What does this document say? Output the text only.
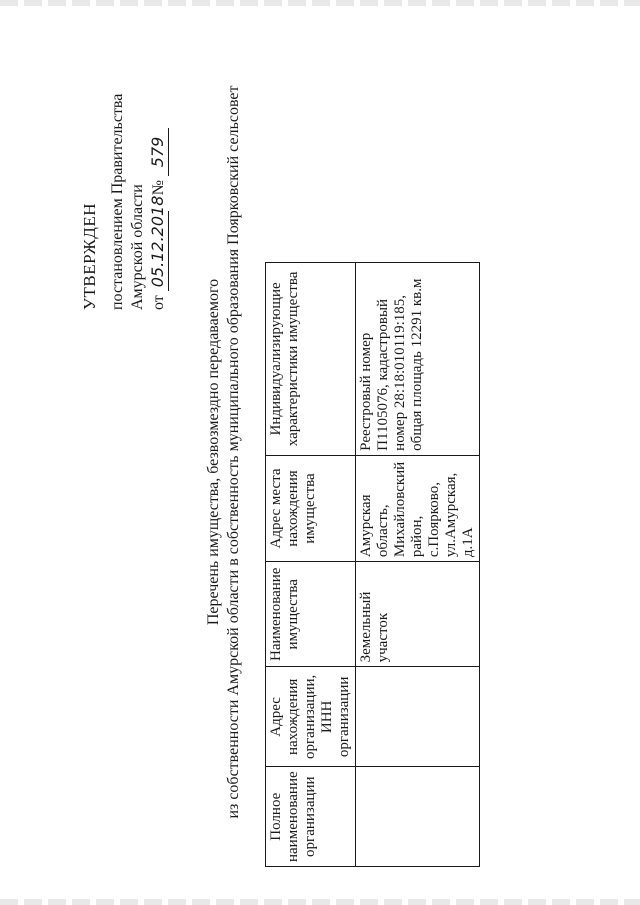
УТВЕРЖДЕН постановлением Правительства Амурской области от 05.12.2018    № 579
Перечень имущества, безвозмездно передаваемого из собственности Амурской области в собственность муниципального образования Поярковский сельсовет Полное наименование организации	Адрес нахождения организации, ИНН организации	Наименование имущества	Адрес места нахождения имущества	Индивидуализирующие характеристики имущества
		Земельный участок	Амурская область, Михайловский район, с.Поярково, ул.Амурская, д.1А	Реестровый номер П1105076, кадастровый номер 28:18:010119:185, общая площадь 12291 кв.м
